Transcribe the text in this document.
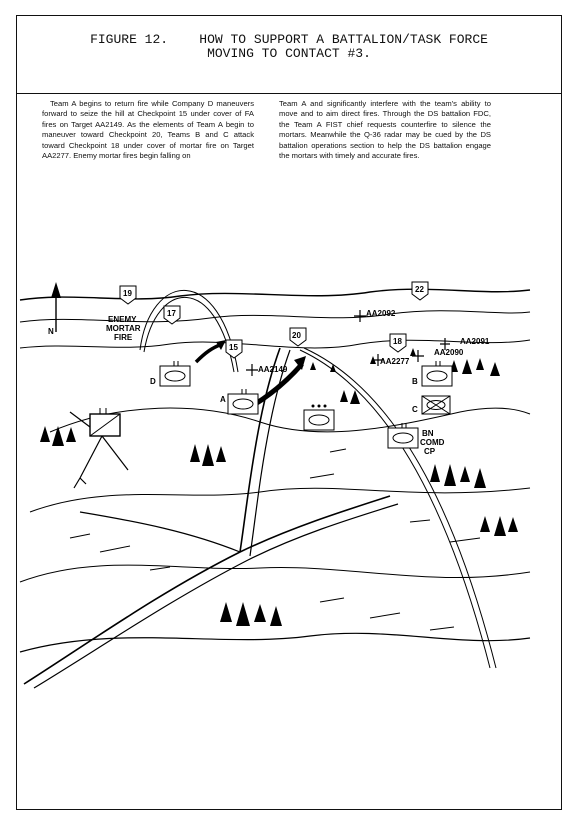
FIGURE 12.    HOW TO SUPPORT A BATTALION/TASK FORCE
MOVING TO CONTACT #3.
Team A begins to return fire while Company D maneuvers forward to seize the hill at Checkpoint 15 under cover of FA fires on Target AA2149. As the elements of Team A begin to maneuver toward Checkpoint 20, Teams B and C attack toward Checkpoint 18 under cover of mortar fire on Target AA2277. Enemy mortar fires begin falling on
Team A and significantly interfere with the team's ability to move and to aim direct fires. Through the DS battalion FDC, the Team A FIST chief requests counterfire to silence the mortars. Meanwhile the Q-36 radar may be cued by the DS battalion operations section to help the DS battalion engage the mortars with timely and accurate fires.
N
ENEMY
MORTAR
FIRE
19
17
15
20
18
22
AA2092
AA2149
AA2277
AA2090
AA2091
D
A
B
C
BN
COMD
CP
